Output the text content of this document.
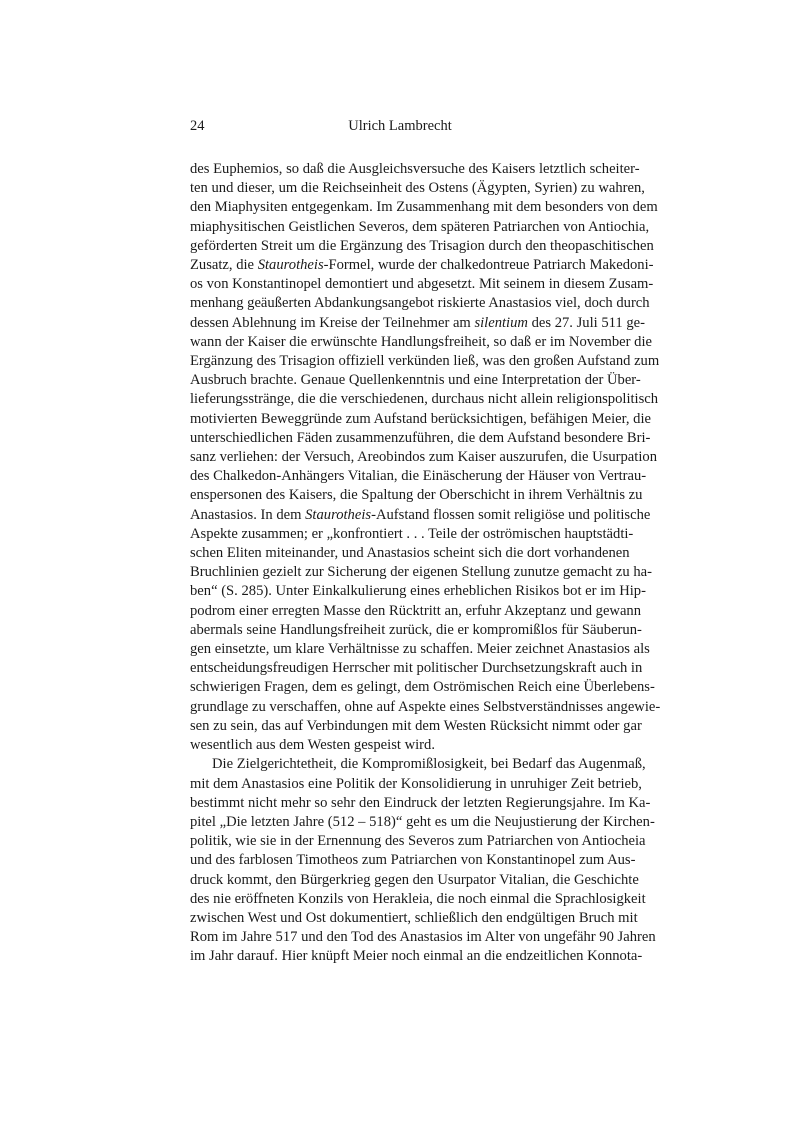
24	Ulrich Lambrecht

des Euphemios, so daß die Ausgleichsversuche des Kaisers letztlich scheiter-
ten und dieser, um die Reichseinheit des Ostens (Ägypten, Syrien) zu wahren,
den Miaphysiten entgegenkam. Im Zusammenhang mit dem besonders von dem
miaphysitischen Geistlichen Severos, dem späteren Patriarchen von Antiochia,
geförderten Streit um die Ergänzung des Trisagion durch den theopaschitischen
Zusatz, die Staurotheis-Formel, wurde der chalkedontreue Patriarch Makedoni-
os von Konstantinopel demontiert und abgesetzt. Mit seinem in diesem Zusam-
menhang geäußerten Abdankungsangebot riskierte Anastasios viel, doch durch
dessen Ablehnung im Kreise der Teilnehmer am silentium des 27. Juli 511 ge-
wann der Kaiser die erwünschte Handlungsfreiheit, so daß er im November die
Ergänzung des Trisagion offiziell verkünden ließ, was den großen Aufstand zum
Ausbruch brachte. Genaue Quellenkenntnis und eine Interpretation der Über-
lieferungsstränge, die die verschiedenen, durchaus nicht allein religionspolitisch
motivierten Beweggründe zum Aufstand berücksichtigen, befähigen Meier, die
unterschiedlichen Fäden zusammenzuführen, die dem Aufstand besondere Bri-
sanz verliehen: der Versuch, Areobindos zum Kaiser auszurufen, die Usurpation
des Chalkedon-Anhängers Vitalian, die Einäscherung der Häuser von Vertrau-
enspersonen des Kaisers, die Spaltung der Oberschicht in ihrem Verhältnis zu
Anastasios. In dem Staurotheis-Aufstand flossen somit religiöse und politische
Aspekte zusammen; er „konfrontiert . . . Teile der oströmischen hauptstädti-
schen Eliten miteinander, und Anastasios scheint sich die dort vorhandenen
Bruchlinien gezielt zur Sicherung der eigenen Stellung zunutze gemacht zu ha-
ben“ (S. 285). Unter Einkalkulierung eines erheblichen Risikos bot er im Hip-
podrom einer erregten Masse den Rücktritt an, erfuhr Akzeptanz und gewann
abermals seine Handlungsfreiheit zurück, die er kompromißlos für Säuberun-
gen einsetzte, um klare Verhältnisse zu schaffen. Meier zeichnet Anastasios als
entscheidungsfreudigen Herrscher mit politischer Durchsetzungskraft auch in
schwierigen Fragen, dem es gelingt, dem Oströmischen Reich eine Überlebens-
grundlage zu verschaffen, ohne auf Aspekte eines Selbstverständnisses angewie-
sen zu sein, das auf Verbindungen mit dem Westen Rücksicht nimmt oder gar
wesentlich aus dem Westen gespeist wird.

Die Zielgerichtetheit, die Kompromißlosigkeit, bei Bedarf das Augenmaß,
mit dem Anastasios eine Politik der Konsolidierung in unruhiger Zeit betrieb,
bestimmt nicht mehr so sehr den Eindruck der letzten Regierungsjahre. Im Ka-
pitel „Die letzten Jahre (512 – 518)“ geht es um die Neujustierung der Kirchen-
politik, wie sie in der Ernennung des Severos zum Patriarchen von Antiocheia
und des farblosen Timotheos zum Patriarchen von Konstantinopel zum Aus-
druck kommt, den Bürgerkrieg gegen den Usurpator Vitalian, die Geschichte
des nie eröffneten Konzils von Herakleia, die noch einmal die Sprachlosigkeit
zwischen West und Ost dokumentiert, schließlich den endgültigen Bruch mit
Rom im Jahre 517 und den Tod des Anastasios im Alter von ungefähr 90 Jahren
im Jahr darauf. Hier knüpft Meier noch einmal an die endzeitlichen Konnota-
